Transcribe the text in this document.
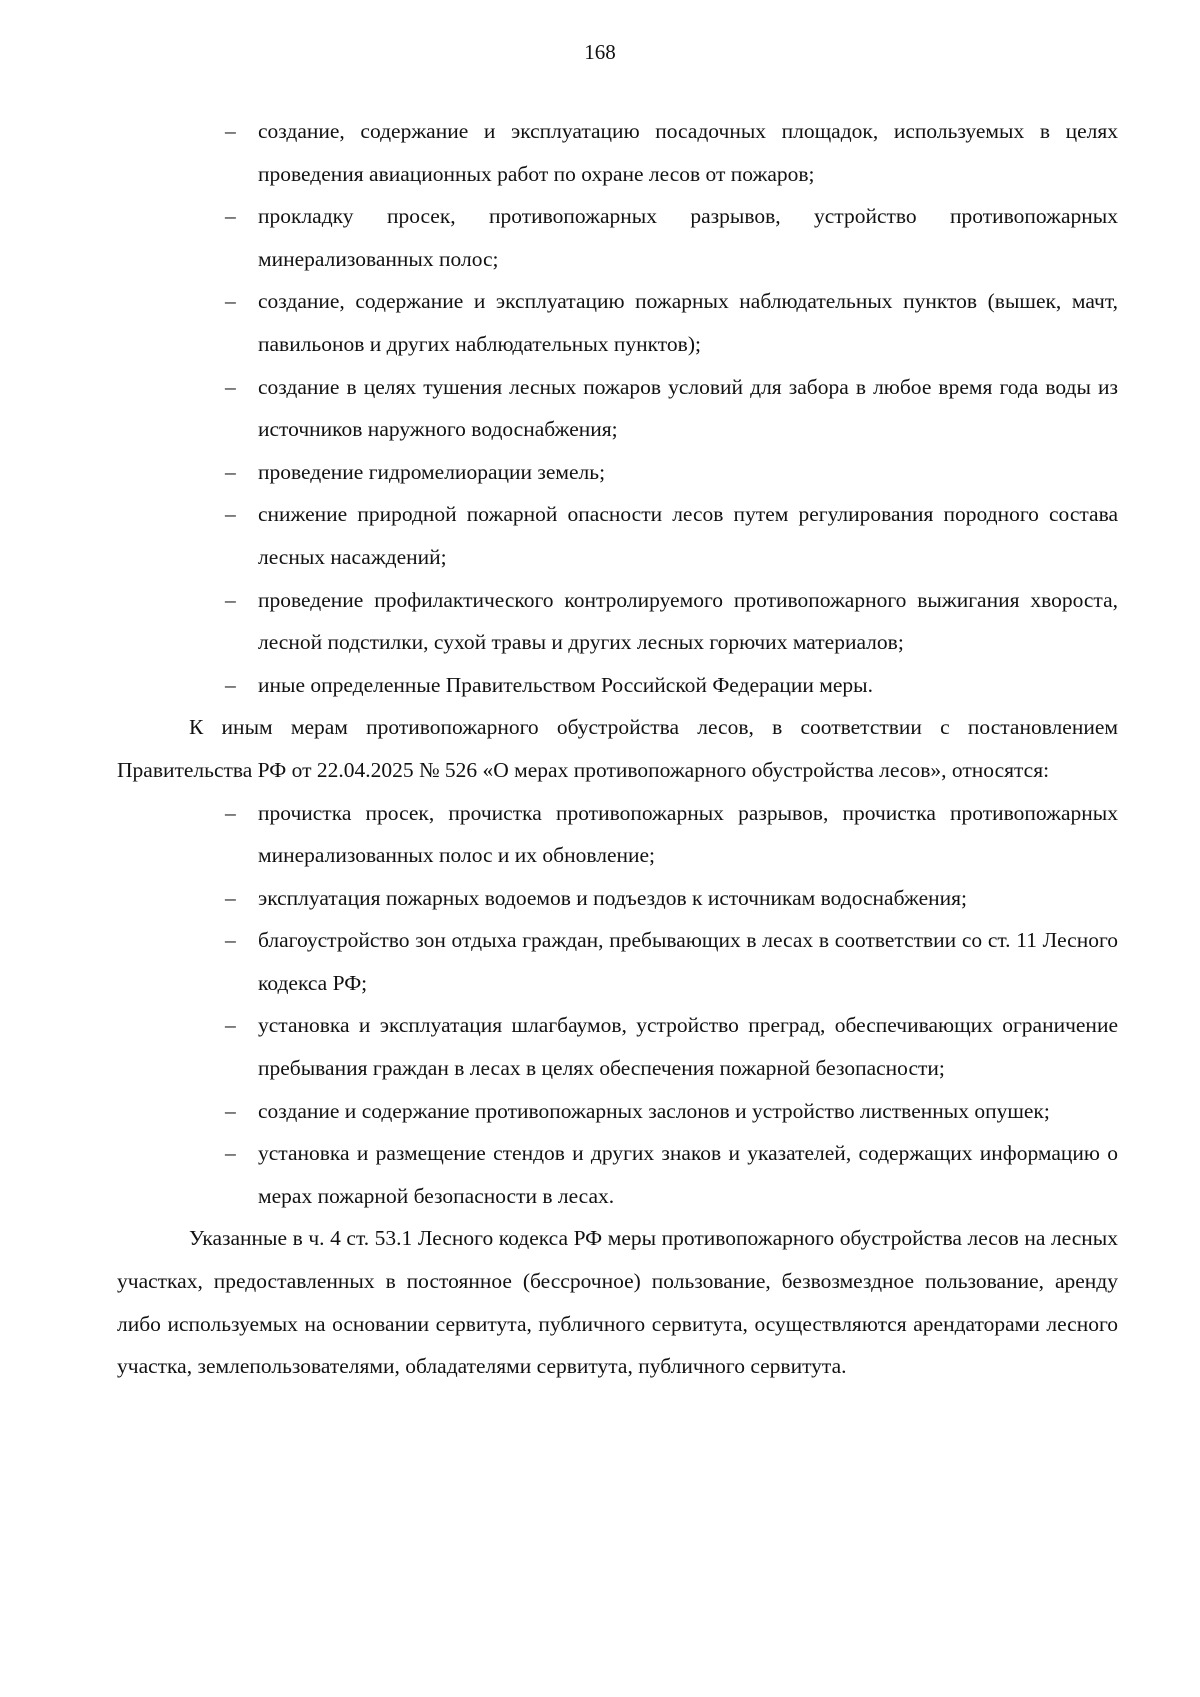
168
– создание, содержание и эксплуатацию посадочных площадок, используемых в целях проведения авиационных работ по охране лесов от пожаров;
– прокладку просек, противопожарных разрывов, устройство противопожарных минерализованных полос;
– создание, содержание и эксплуатацию пожарных наблюдательных пунктов (вышек, мачт, павильонов и других наблюдательных пунктов);
– создание в целях тушения лесных пожаров условий для забора в любое время года воды из источников наружного водоснабжения;
– проведение гидромелиорации земель;
– снижение природной пожарной опасности лесов путем регулирования породного состава лесных насаждений;
– проведение профилактического контролируемого противопожарного выжигания хвороста, лесной подстилки, сухой травы и других лесных горючих материалов;
– иные определенные Правительством Российской Федерации меры.

К иным мерам противопожарного обустройства лесов, в соответствии с постановлением Правительства РФ от 22.04.2025 № 526 «О мерах противопожарного обустройства лесов», относятся:

– прочистка просек, прочистка противопожарных разрывов, прочистка противопожарных минерализованных полос и их обновление;
– эксплуатация пожарных водоемов и подъездов к источникам водоснабжения;
– благоустройство зон отдыха граждан, пребывающих в лесах в соответствии со ст. 11 Лесного кодекса РФ;
– установка и эксплуатация шлагбаумов, устройство преград, обеспечивающих ограничение пребывания граждан в лесах в целях обеспечения пожарной безопасности;
– создание и содержание противопожарных заслонов и устройство лиственных опушек;
– установка и размещение стендов и других знаков и указателей, содержащих информацию о мерах пожарной безопасности в лесах.

Указанные в ч. 4 ст. 53.1 Лесного кодекса РФ меры противопожарного обустройства лесов на лесных участках, предоставленных в постоянное (бессрочное) пользование, безвозмездное пользование, аренду либо используемых на основании сервитута, публичного сервитута, осуществляются арендаторами лесного участка, землепользователями, обладателями сервитута, публичного сервитута.
